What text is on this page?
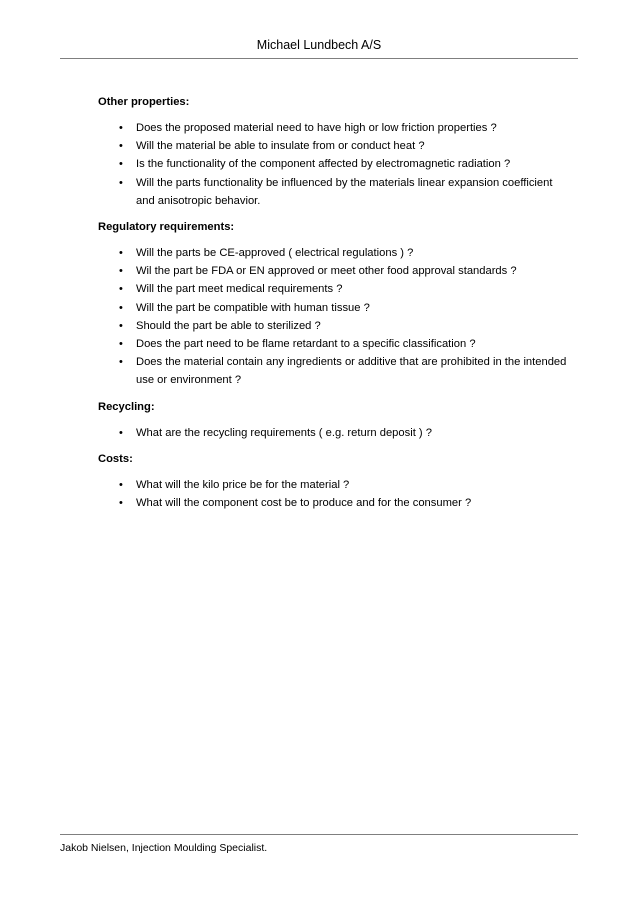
Michael Lundbech A/S

Other properties:

• Does the proposed material need to have high or low friction properties ?
• Will the material be able to insulate from or conduct heat ?
• Is the functionality of the component affected by electromagnetic radiation ?
• Will the parts functionality be influenced by the materials linear expansion coefficient and anisotropic behavior.

Regulatory requirements:

• Will the parts be CE-approved ( electrical regulations ) ?
• Wil the part be FDA or EN approved or meet other food approval standards ?
• Will the part meet medical requirements ?
• Will the part be compatible with human tissue ?
• Should the part be able to sterilized ?
• Does the part need to be flame retardant to a specific classification ?
• Does the material contain any ingredients or additive that are prohibited in the intended use or environment ?

Recycling:

• What are the recycling requirements ( e.g. return deposit ) ?

Costs:

• What will the kilo price be for the material ?
• What will the component cost be to produce and for the consumer ?
Jakob Nielsen, Injection Moulding Specialist.
